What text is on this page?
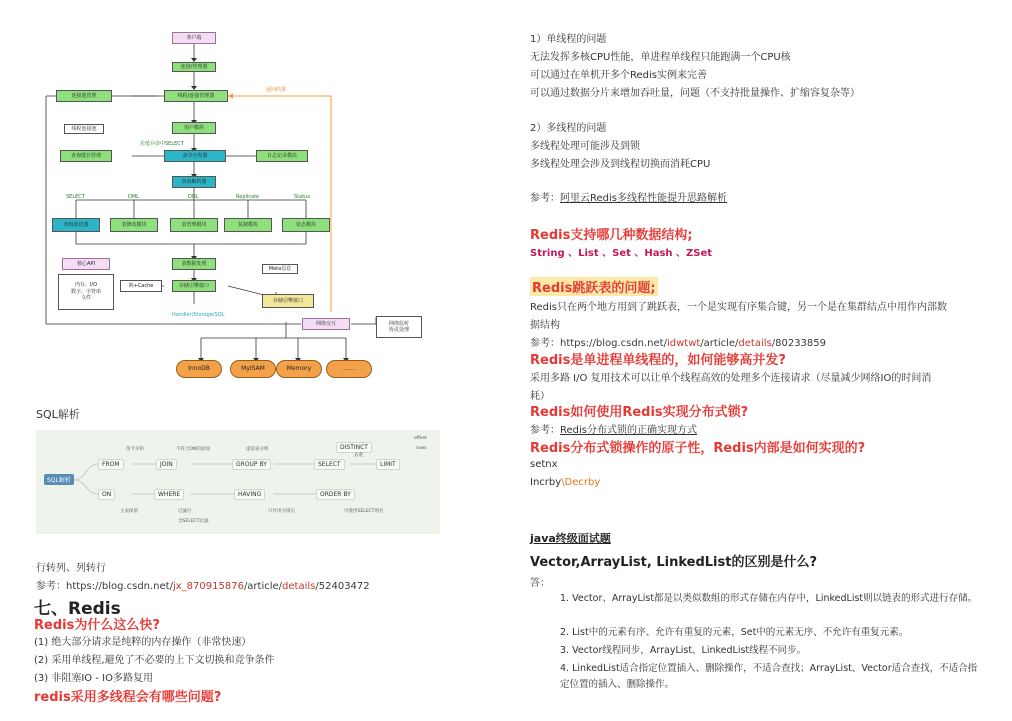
客户端
连接/管理器
线程/连接管理器
连接池管理
返回结果
线程连接池	用户模块
若缓存命中SELECT
查询缓存管理	命令分发器	日志记录模块
查询解析器
SELECT	DML	DDL	Replicate	Status
查询优化器	表修改模块	表管理模块	复制模块	状态模块
核心API
内存、I/O
数字、字符串
文件
表数据处理
存储引擎接口
锁+Cache
Meta信息
Handler/Storage/SQL
存储引擎接口
网络交互	网络监听
协议处理
InnoDB	MyISAM	Memory	……
SQL解析
SQL解析
FROM	JOIN	GROUP BY	SELECT	LIMIT
ON	WHERE	HAVING	ORDER BY
DISTINCT
笛卡尔积	不符合ON的添加	虚拟表分组
去重
offset
rows
主表保留	过滤行
含SELECT过滤
只作用分组后	可使用SELECT别名
行转列、列转行
参考：https://blog.csdn.net/jx_870915876/article/details/52403472
七、Redis
Redis为什么这么快?
(1) 绝大部分请求是纯粹的内存操作（非常快速）
(2) 采用单线程,避免了不必要的上下文切换和竞争条件
(3) 非阻塞IO - IO多路复用
redis采用多线程会有哪些问题?
1）单线程的问题
无法发挥多核CPU性能，单进程单线程只能跑满一个CPU核
可以通过在单机开多个Redis实例来完善
可以通过数据分片来增加吞吐量，问题（不支持批量操作、扩缩容复杂等）
2）多线程的问题
多线程处理可能涉及到锁
多线程处理会涉及到线程切换而消耗CPU
参考：阿里云Redis多线程性能提升思路解析
Redis支持哪几种数据结构;
String 、List 、Set 、Hash 、ZSet
Redis跳跃表的问题;
Redis只在两个地方用到了跳跃表，一个是实现有序集合键，另一个是在集群结点中用作内部数
据结构
参考：https://blog.csdn.net/idwtwt/article/details/80233859
Redis是单进程单线程的，如何能够高并发?
采用多路 I/O 复用技术可以让单个线程高效的处理多个连接请求（尽量减少网络IO的时间消
耗）
Redis如何使用Redis实现分布式锁?
参考：Redis分布式锁的正确实现方式
Redis分布式锁操作的原子性，Redis内部是如何实现的?
setnx
Incrby\Decrby
java终级面试题
Vector,ArrayList, LinkedList的区别是什么?
答：
1. Vector、ArrayList都是以类似数组的形式存储在内存中，LinkedList则以链表的形式进行存储。
2. List中的元素有序、允许有重复的元素，Set中的元素无序、不允许有重复元素。
3. Vector线程同步，ArrayList、LinkedList线程不同步。
4. LinkedList适合指定位置插入、删除操作，不适合查找；ArrayList、Vector适合查找，不适合指定位置的插入、删除操作。
